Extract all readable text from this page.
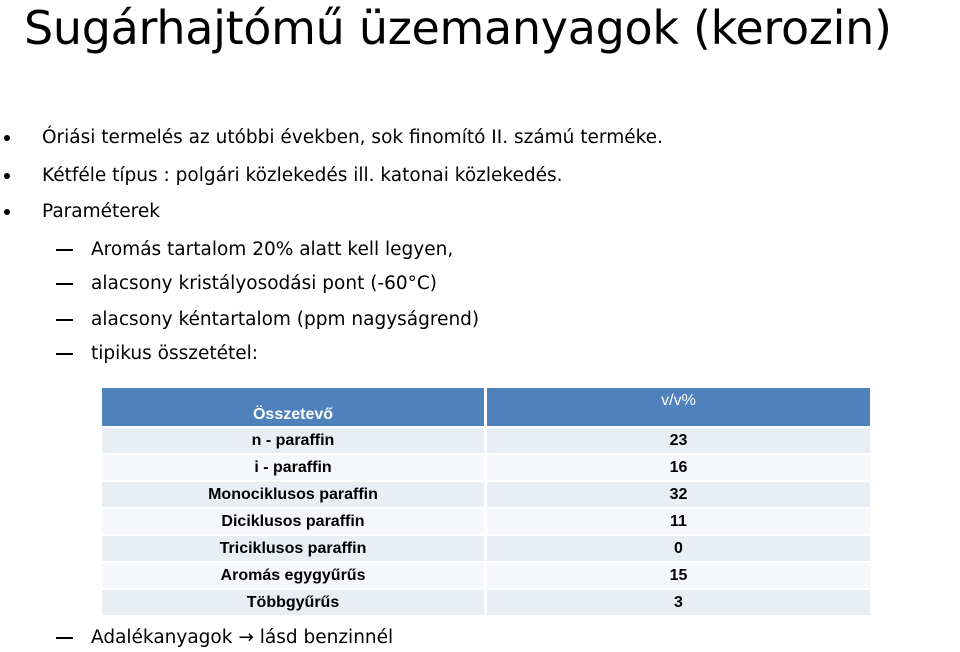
Sugárhajtómű üzemanyagok (kerozin)
Óriási termelés az utóbbi években, sok finomító II. számú terméke.
Kétféle típus : polgári közlekedés ill. katonai közlekedés.
Paraméterek
Aromás tartalom 20% alatt kell legyen,
alacsony kristályosodási pont (-60°C)
alacsony kéntartalom (ppm nagyságrend)
tipikus összetétel:
Összetevő	v/v%
n - paraffin	23
i - paraffin	16
Monociklusos paraffin	32
Diciklusos paraffin	11
Triciklusos paraffin	0
Aromás egygyűrűs	15
Többgyűrűs	3
Adalékanyagok → lásd benzinnél
